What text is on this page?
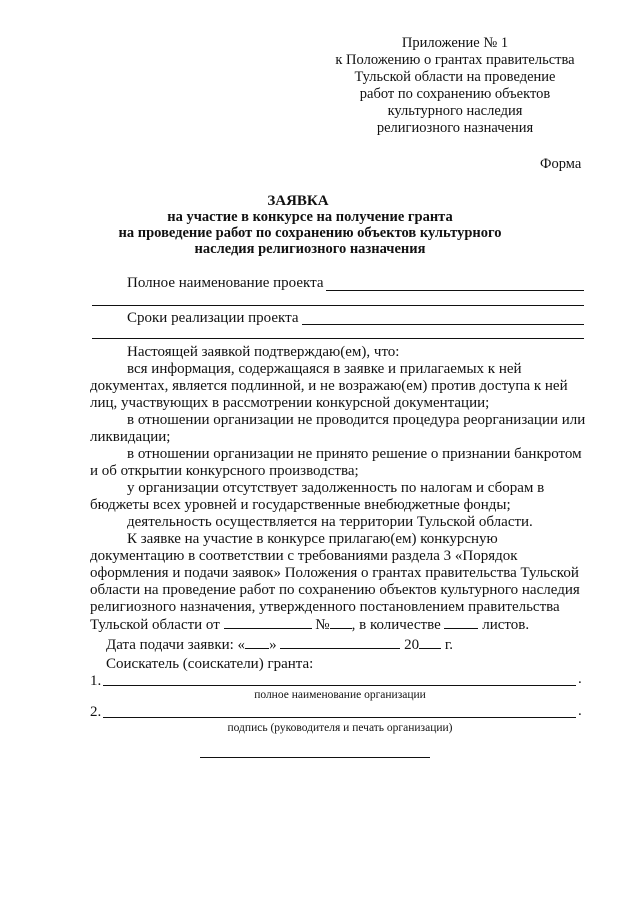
Приложение № 1
к Положению о грантах правительства
Тульской области на проведение
работ по сохранению объектов
культурного наследия
религиозного назначения
Форма
ЗАЯВКА
на участие в конкурсе на получение гранта
на проведение работ по сохранению объектов культурного
наследия религиозного назначения
Полное наименование проекта
Сроки реализации проекта
Настоящей заявкой подтверждаю(ем), что:
вся информация, содержащаяся в заявке и прилагаемых к ней
документах, является подлинной, и не возражаю(ем) против доступа к ней
лиц, участвующих в рассмотрении конкурсной документации;
в отношении организации не проводится процедура реорганизации или
ликвидации;
в отношении организации не принято решение о признании банкротом
и об открытии конкурсного производства;
у организации отсутствует задолженность по налогам и сборам в
бюджеты всех уровней и государственные внебюджетные фонды;
деятельность осуществляется на территории Тульской области.
К заявке на участие в конкурсе прилагаю(ем) конкурсную
документацию в соответствии с требованиями раздела 3 «Порядок
оформления и подачи заявок» Положения о грантах правительства Тульской
области на проведение работ по сохранению объектов культурного наследия
религиозного назначения, утвержденного постановлением правительства
Тульской области от	№ , в количестве	листов.
Дата подачи заявки: « »	20 г.
Соискатель (соискатели) гранта:
1.	.
полное наименование организации
2.	.
подпись (руководителя и печать организации)
